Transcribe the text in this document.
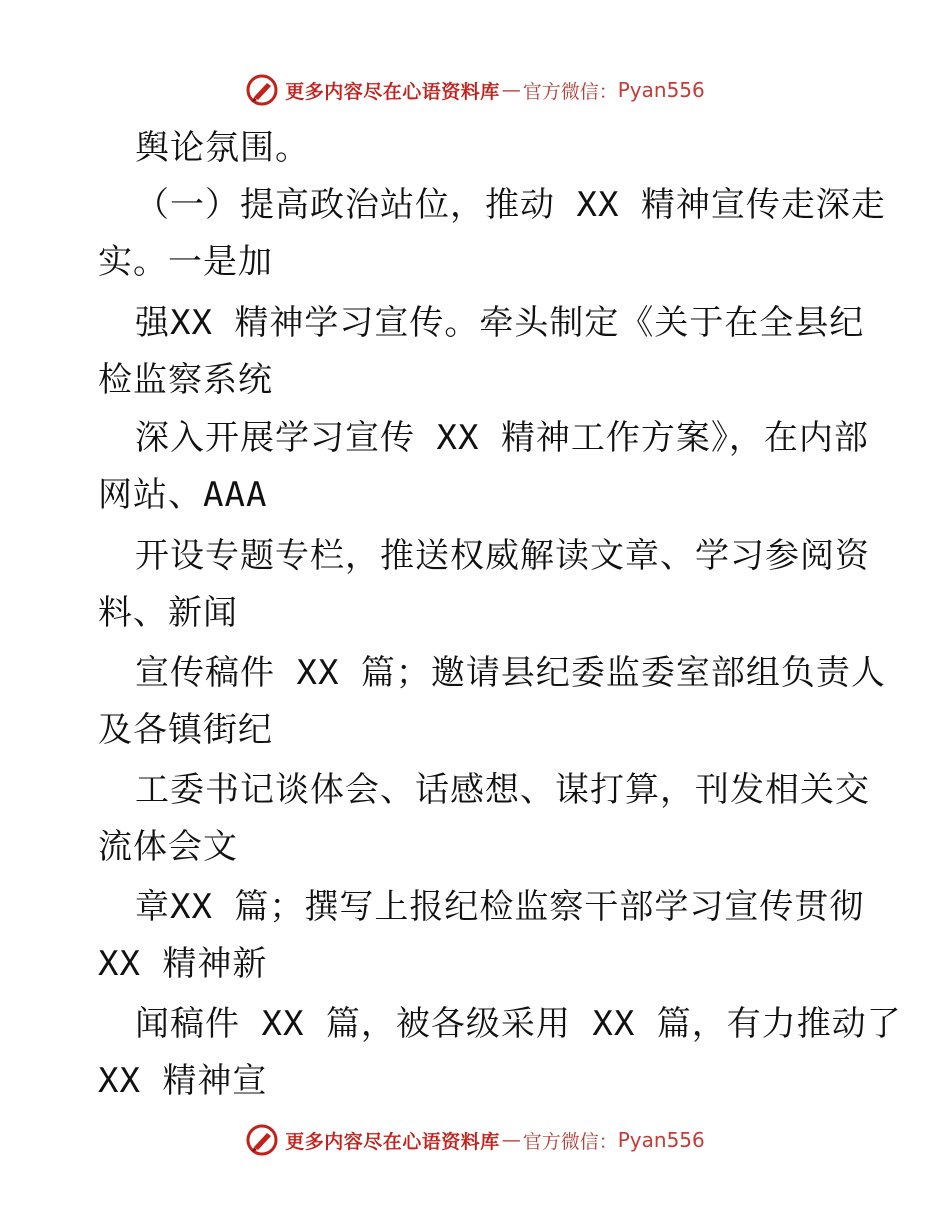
更多内容尽在心语资料库 — 官方微信： Pyan556
舆论氛围。
（一）提高政治站位，推动 XX 精神宣传走深走
实。一是加
强XX 精神学习宣传。牵头制定《关于在全县纪
检监察系统
深入开展学习宣传 XX 精神工作方案》，在内部
网站、AAA
开设专题专栏，推送权威解读文章、学习参阅资
料、新闻
宣传稿件 XX 篇；邀请县纪委监委室部组负责人
及各镇街纪
工委书记谈体会、话感想、谋打算，刊发相关交
流体会文
章XX 篇；撰写上报纪检监察干部学习宣传贯彻
XX 精神新
闻稿件 XX 篇，被各级采用 XX 篇，有力推动了
XX 精神宣
更多内容尽在心语资料库 — 官方微信： Pyan556
